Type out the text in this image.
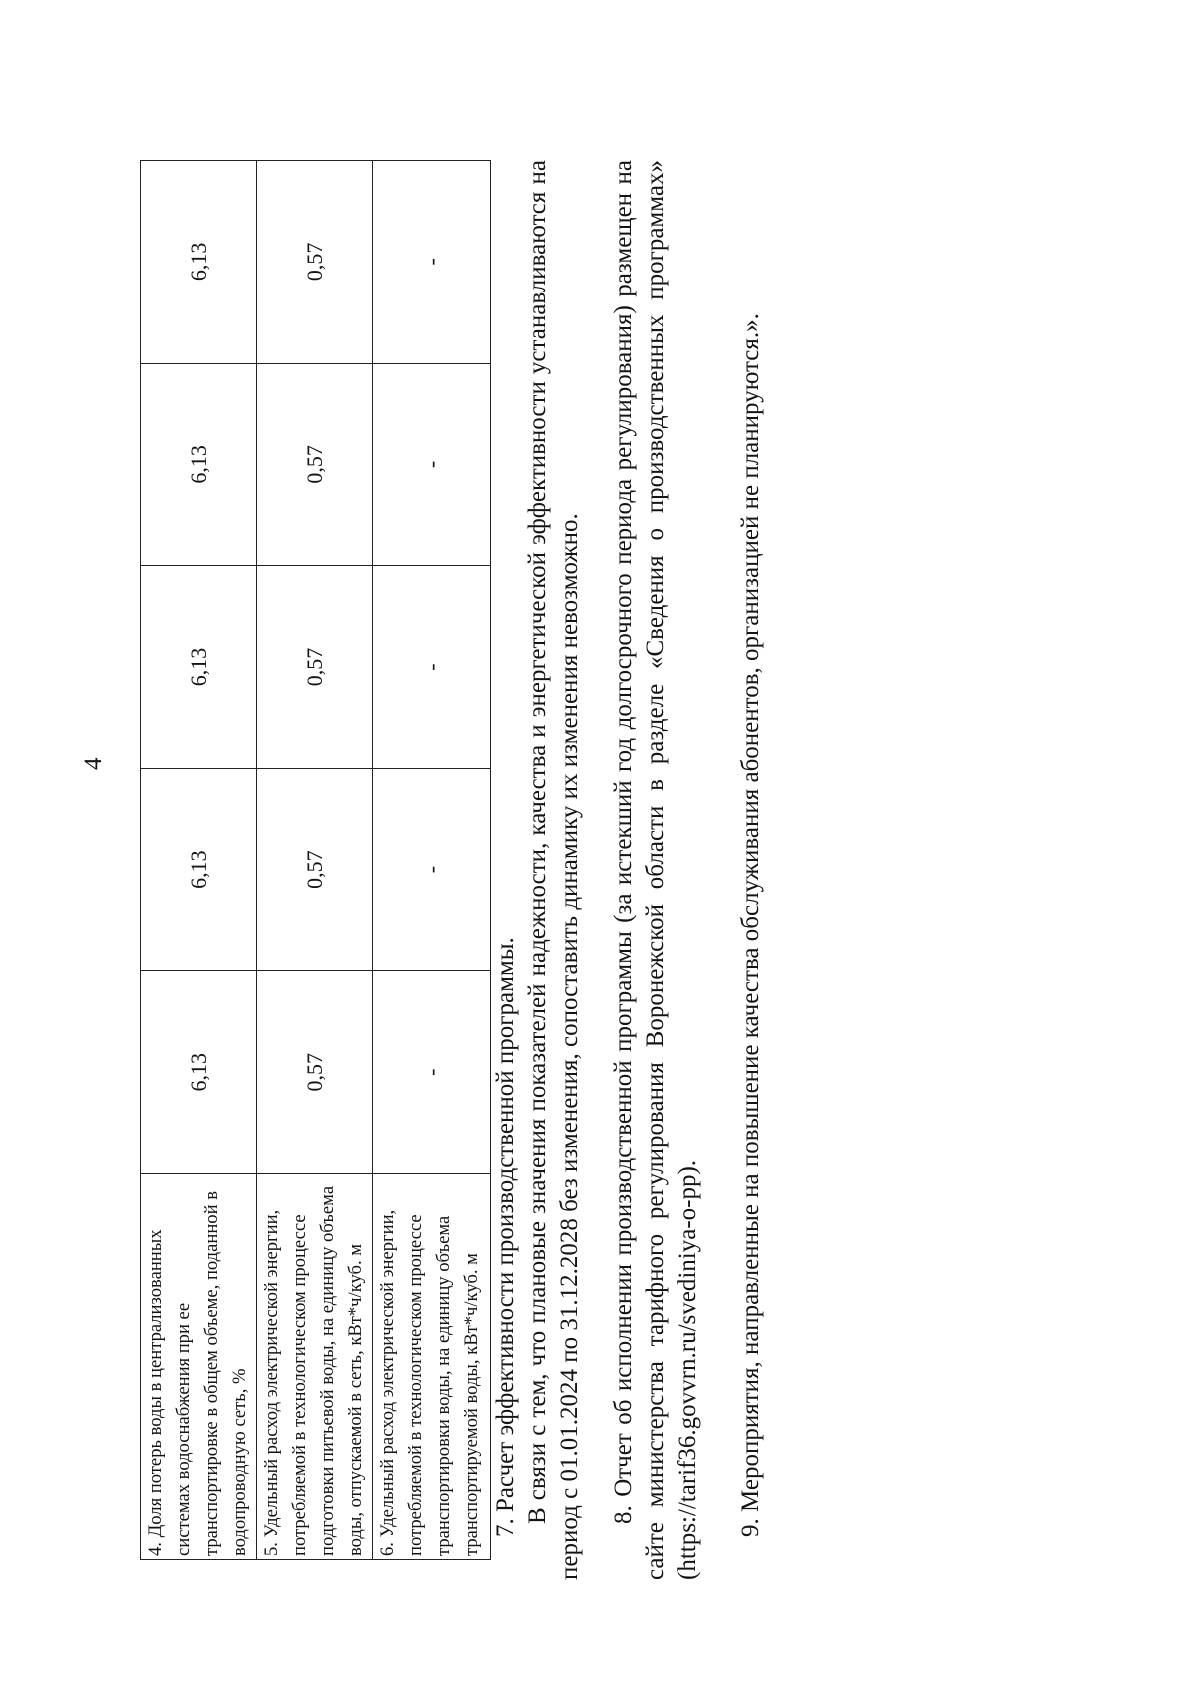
4
4. Доля потерь воды в централизованных системах водоснабжения при ее транспортировке в общем объеме, поданной в водопроводную сеть, %	6,13	6,13	6,13	6,13	6,13
5. Удельный расход электрической энергии, потребляемой в технологическом процессе подготовки питьевой воды, на единицу объема воды, отпускаемой в сеть, кВт*ч/куб. м	0,57	0,57	0,57	0,57	0,57
6. Удельный расход электрической энергии, потребляемой в технологическом процессе транспортировки воды, на единицу объема транспортируемой воды, кВт*ч/куб. м	-	-	-	-	-
7. Расчет эффективности производственной программы. В связи с тем, что плановые значения показателей надежности, качества и энергетической эффективности устанавливаются на период с 01.01.2024 по 31.12.2028 без изменения, сопоставить динамику их изменения невозможно. 8. Отчет об исполнении производственной программы (за истекший год долгосрочного периода регулирования) размещен на сайте министерства тарифного регулирования Воронежской области в разделе «Сведения о производственных программах» (https://tarif36.govvrn.ru/svediniya-o-pp). 9. Мероприятия, направленные на повышение качества обслуживания абонентов, организацией не планируются.».
